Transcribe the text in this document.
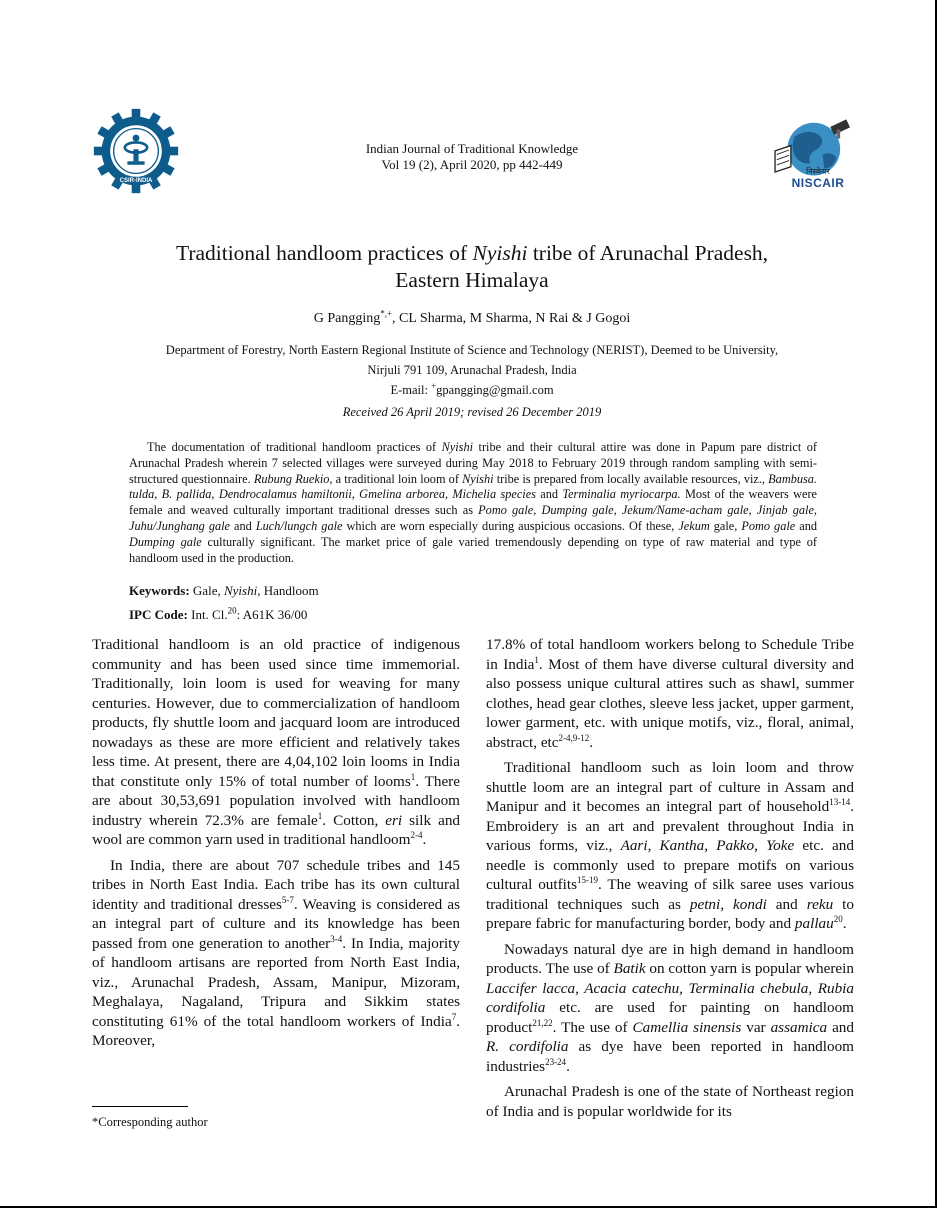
CSIR-INDIA
निस्केयर
NISCAIR
Indian Journal of Traditional Knowledge
Vol 19 (2), April 2020, pp 442-449
Traditional handloom practices of Nyishi tribe of Arunachal Pradesh,
Eastern Himalaya
G Pangging*,+, CL Sharma, M Sharma, N Rai & J Gogoi
Department of Forestry, North Eastern Regional Institute of Science and Technology (NERIST), Deemed to be University,
Nirjuli 791 109, Arunachal Pradesh, India
E-mail: +gpangging@gmail.com
Received 26 April 2019; revised 26 December 2019

The documentation of traditional handloom practices of Nyishi tribe and their cultural attire was done in Papum pare district of Arunachal Pradesh wherein 7 selected villages were surveyed during May 2018 to February 2019 through random sampling with semi-structured questionnaire. Rubung Ruekio, a traditional loin loom of Nyishi tribe is prepared from locally available resources, viz., Bambusa. tulda, B. pallida, Dendrocalamus hamiltonii, Gmelina arborea, Michelia species and Terminalia myriocarpa. Most of the weavers were female and weaved culturally important traditional dresses such as Pomo gale, Dumping gale, Jekum/Name-acham gale, Jinjab gale, Juhu/Junghang gale and Luch/lungch gale which are worn especially during auspicious occasions. Of these, Jekum gale, Pomo gale and Dumping gale culturally significant. The market price of gale varied tremendously depending on type of raw material and type of handloom used in the production.

Keywords: Gale, Nyishi, Handloom
IPC Code: Int. Cl.$^{20}$: A61K 36/00

Traditional handloom is an old practice of indigenous community and has been used since time immemorial. Traditionally, loin loom is used for weaving for many centuries. However, due to commercialization of handloom products, fly shuttle loom and jacquard loom are introduced nowadays as these are more efficient and relatively takes less time. At present, there are 4,04,102 loin looms in India that constitute only 15% of total number of looms$^1$. There are about 30,53,691 population involved with handloom industry wherein 72.3% are female$^1$. Cotton, eri silk and wool are common yarn used in traditional handloom$^{2-4}$.

In India, there are about 707 schedule tribes and 145 tribes in North East India. Each tribe has its own cultural identity and traditional dresses$^{5-7}$. Weaving is considered as an integral part of culture and its knowledge has been passed from one generation to another$^{3-4}$. In India, majority of handloom artisans are reported from North East India, viz., Arunachal Pradesh, Assam, Manipur, Mizoram, Meghalaya, Nagaland, Tripura and Sikkim states constituting 61% of the total handloom workers of India$^7$. Moreover,

17.8% of total handloom workers belong to Schedule Tribe in India$^1$. Most of them have diverse cultural diversity and also possess unique cultural attires such as shawl, summer clothes, head gear clothes, sleeve less jacket, upper garment, lower garment, etc. with unique motifs, viz., floral, animal, abstract, etc$^{2-4,9-12}$.

Traditional handloom such as loin loom and throw shuttle loom are an integral part of culture in Assam and Manipur and it becomes an integral part of household$^{13-14}$. Embroidery is an art and prevalent throughout India in various forms, viz., Aari, Kantha, Pakko, Yoke etc. and needle is commonly used to prepare motifs on various cultural outfits$^{15-19}$. The weaving of silk saree uses various traditional techniques such as petni, kondi and reku to prepare fabric for manufacturing border, body and pallau$^{20}$.

Nowadays natural dye are in high demand in handloom products. The use of Batik on cotton yarn is popular wherein Laccifer lacca, Acacia catechu, Terminalia chebula, Rubia cordifolia etc. are used for painting on handloom product$^{21,22}$. The use of Camellia sinensis var assamica and R. cordifolia as dye have been reported in handloom industries$^{23-24}$.

Arunachal Pradesh is one of the state of Northeast region of India and is popular worldwide for its

*Corresponding author
